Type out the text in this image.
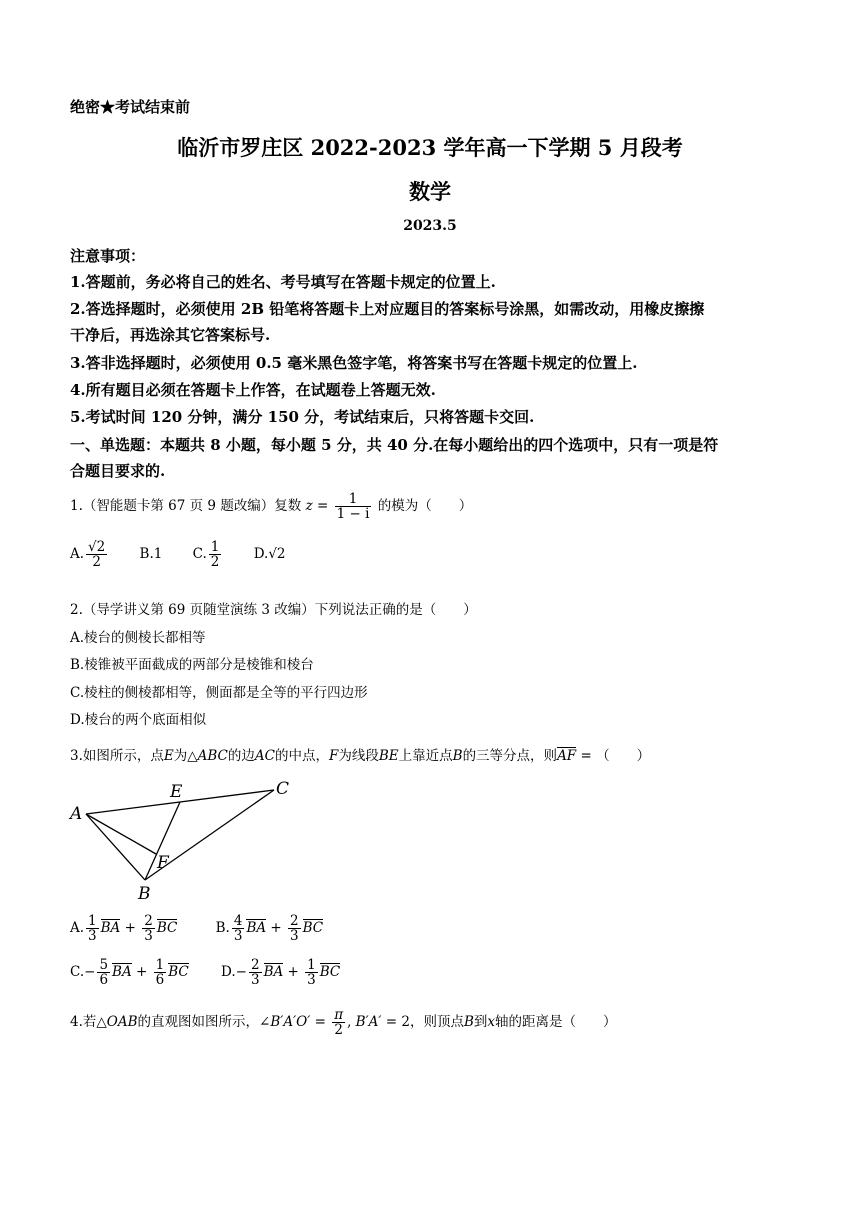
绝密★考试结束前
临沂市罗庄区 2022-2023 学年高一下学期 5 月段考
数学
2023.5
注意事项：
1.答题前，务必将自己的姓名、考号填写在答题卡规定的位置上.
2.答选择题时，必须使用 2B 铅笔将答题卡上对应题目的答案标号涂黑，如需改动，用橡皮擦擦
干净后，再选涂其它答案标号.
3.答非选择题时，必须使用 0.5 毫米黑色签字笔，将答案书写在答题卡规定的位置上.
4.所有题目必须在答题卡上作答，在试题卷上答题无效.
5.考试时间 120 分钟，满分 150 分，考试结束后，只将答题卡交回.
一、单选题：本题共 8 小题，每小题 5 分，共 40 分.在每小题给出的四个选项中，只有一项是符
合题目要求的.
1.（智能题卡第 67 页 9 题改编）复数 $z = \frac{1}{1 - i}$ 的模为（　　）
A. $\frac{√2}{2} B.1$ C. $\frac{1}{2} D.√2$
2.（导学讲义第 69 页随堂演练 3 改编）下列说法正确的是（　　）
A.棱台的侧棱长都相等
B.棱锥被平面截成的两部分是棱锥和棱台
C.棱柱的侧棱都相等，侧面都是全等的平行四边形
D.棱台的两个底面相似
3.如图所示，点E为△ABC的边AC的中点，F为线段BE上靠近点B的三等分点，则AF = （　　）
A
B
C
E
F
A. $\frac{1}{3}$ BA + $\frac{2}{3}$ BC	B. $\frac{4}{3}$ BA + $\frac{2}{3}$ BC
$C.- \frac{5}{6}$ BA + $\frac{1}{6}$ BC $D.- \frac{2}{3}$ BA + $\frac{1}{3}$ BC
4.若△OAB的直观图如图所示，∠B′A′O′ = $\frac{\pi}{2}$ , B′A′ = 2，则顶点B到x轴的距离是（　　）
